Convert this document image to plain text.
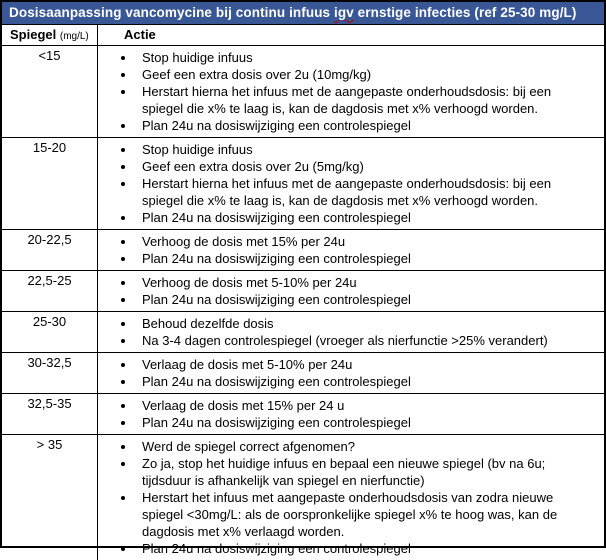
Dosisaanpassing vancomycine bij continu infuus igv ernstige infecties (ref 25-30 mg/L)
Spiegel (mg/L)	Actie
<15	• Stop huidige infuus
• Geef een extra dosis over 2u (10mg/kg)
• Herstart hierna het infuus met de aangepaste onderhoudsdosis: bij een spiegel die x% te laag is, kan de dagdosis met x% verhoogd worden.
• Plan 24u na dosiswijziging een controlespiegel
15-20	• Stop huidige infuus
• Geef een extra dosis over 2u (5mg/kg)
• Herstart hierna het infuus met de aangepaste onderhoudsdosis: bij een spiegel die x% te laag is, kan de dagdosis met x% verhoogd worden.
• Plan 24u na dosiswijziging een controlespiegel
20-22,5	• Verhoog de dosis met 15% per 24u
• Plan 24u na dosiswijziging een controlespiegel
22,5-25	• Verhoog de dosis met 5-10% per 24u
• Plan 24u na dosiswijziging een controlespiegel
25-30	• Behoud dezelfde dosis
• Na 3-4 dagen controlespiegel (vroeger als nierfunctie >25% verandert)
30-32,5	• Verlaag de dosis met 5-10% per 24u
• Plan 24u na dosiswijziging een controlespiegel
32,5-35	• Verlaag de dosis met 15% per 24 u
• Plan 24u na dosiswijziging een controlespiegel
> 35	• Werd de spiegel correct afgenomen?
• Zo ja, stop het huidige infuus en bepaal een nieuwe spiegel (bv na 6u; tijdsduur is afhankelijk van spiegel en nierfunctie)
• Herstart het infuus met aangepaste onderhoudsdosis van zodra nieuwe spiegel <30mg/L: als de oorspronkelijke spiegel x% te hoog was, kan de dagdosis met x% verlaagd worden.
• Plan 24u na dosiswijziging een controlespiegel
